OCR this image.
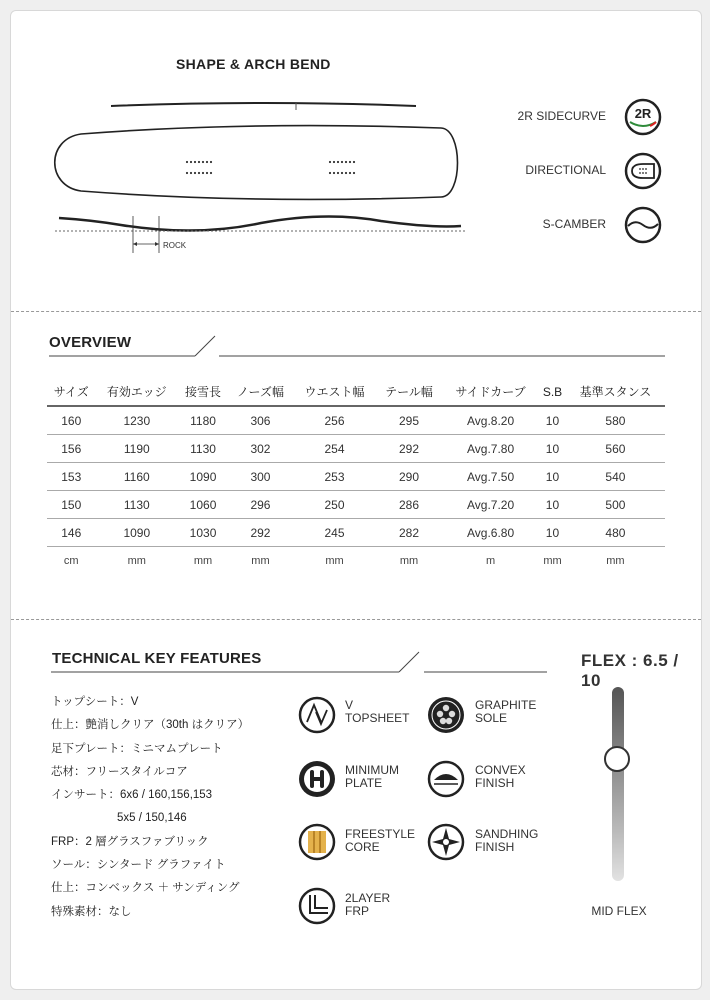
SHAPE & ARCH BEND
ROCK
2R SIDECURVE 2R
DIRECTIONAL
S-CAMBER
OVERVIEW
サイズ	有効エッジ	接雪長	ノーズ幅	ウエスト幅	テール幅	サイドカーブ	S.B	基準スタンス
160	1230	1180	306	256	295	Avg.8.20	10	580
156	1190	1130	302	254	292	Avg.7.80	10	560
153	1160	1090	300	253	290	Avg.7.50	10	540
150	1130	1060	296	250	286	Avg.7.20	10	500
146	1090	1030	292	245	282	Avg.6.80	10	480
cm	mm	mm	mm	mm	mm	m	mm	mm
TECHNICAL KEY FEATURES
トップシート：V
仕上：艶消しクリア（30th はクリア）
足下プレート：ミニマムプレート
芯材：フリースタイルコア
インサート：6x6 / 160,156,153
5x5 / 150,146
FRP：2 層グラスファブリック
ソール：シンタード グラファイト
仕上：コンベックス ＋ サンディング
特殊素材：なし
V
TOPSHEET
GRAPHITE
SOLE
MINIMUM
PLATE
CONVEX
FINISH
FREESTYLE
CORE
SANDHING
FINISH
2LAYER
FRP
FLEX : 6.5 / 10
MID FLEX
